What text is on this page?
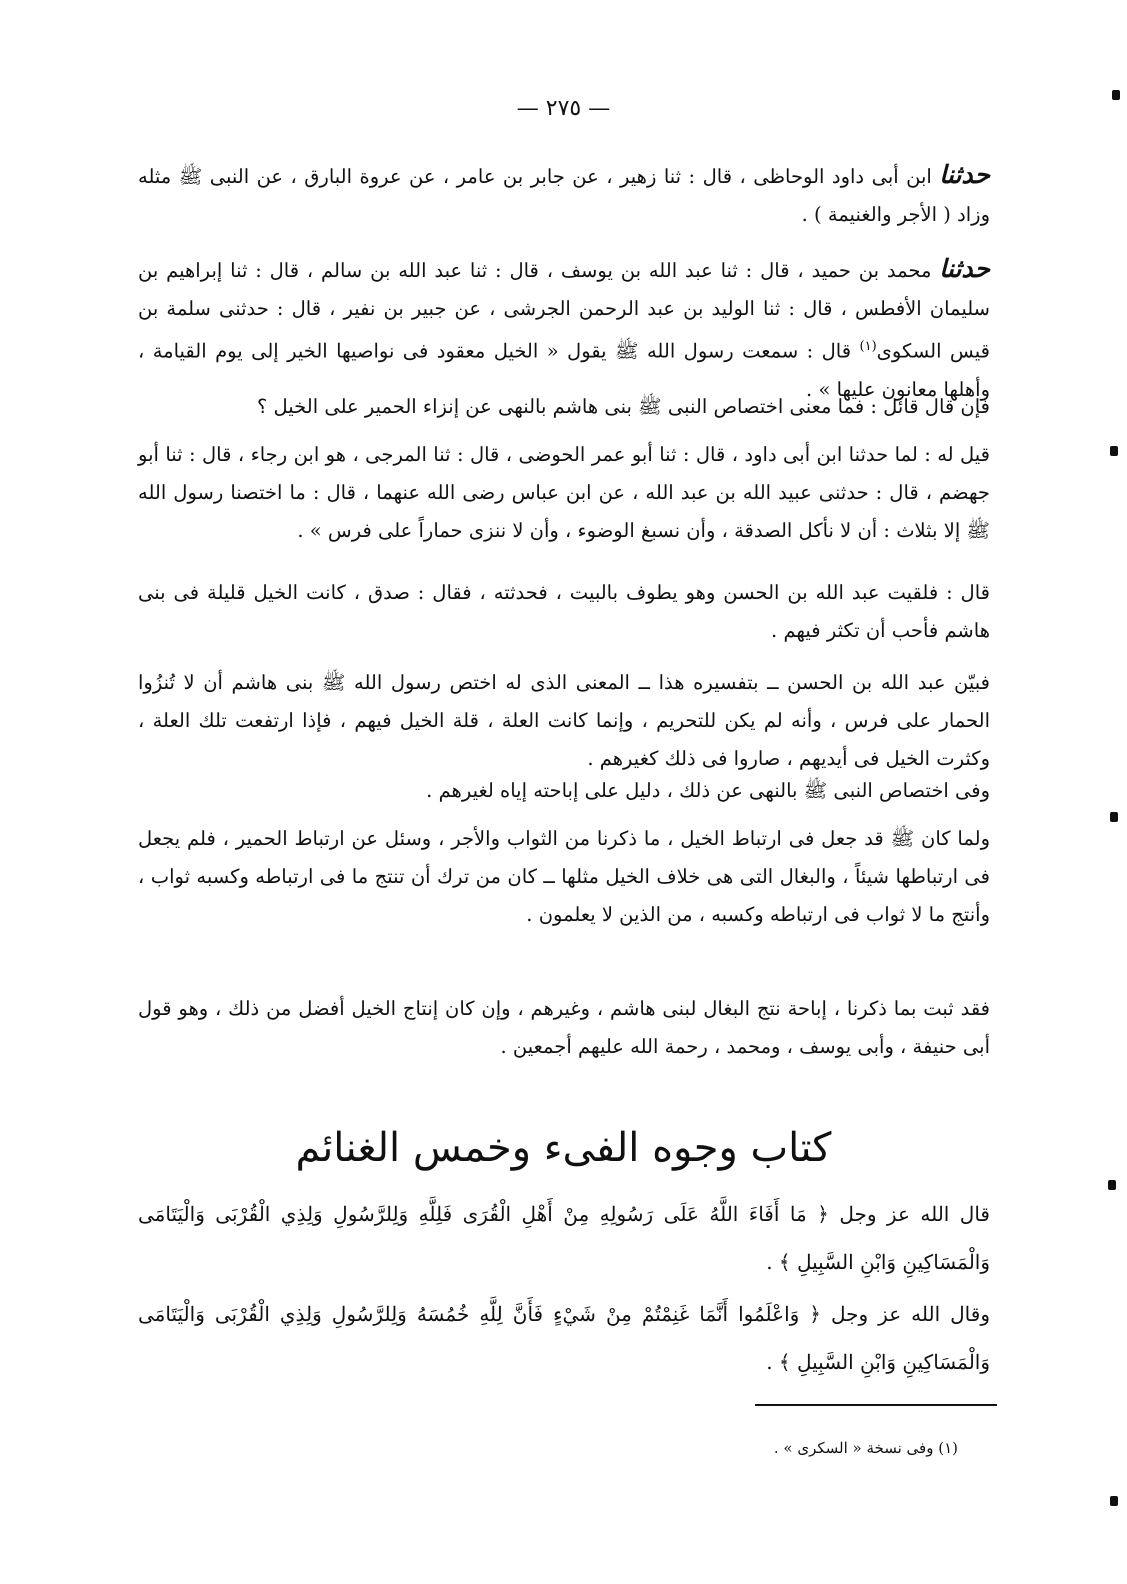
— ٢٧٥ —

حدثنا ابن أبى داود الوحاظى ، قال : ثنا زهير ، عن جابر بن عامر ، عن عروة البارق ، عن النبى ﷺ مثله وزاد ( الأجر والغنيمة ) .

حدثنا محمد بن حميد ، قال : ثنا عبد الله بن يوسف ، قال : ثنا عبد الله بن سالم ، قال : ثنا إبراهيم بن سليمان الأفطس ، قال : ثنا الوليد بن عبد الرحمن الجرشى ، عن جبير بن نفير ، قال : حدثنى سلمة بن قيس السكوى$^{(١)}$ قال : سمعت رسول الله ﷺ يقول « الخيل معقود فى نواصيها الخير إلى يوم القيامة ، وأهلها معانون عليها » .

فإن قال قائل : فما معنى اختصاص النبى ﷺ بنى هاشم بالنهى عن إنزاء الحمير على الخيل ؟

قيل له : لما حدثنا ابن أبى داود ، قال : ثنا أبو عمر الحوضى ، قال : ثنا المرجى ، هو ابن رجاء ، قال : ثنا أبو جهضم ، قال : حدثنى عبيد الله بن عبد الله ، عن ابن عباس رضى الله عنهما ، قال : ما اختصنا رسول الله ﷺ إلا بثلاث : أن لا نأكل الصدقة ، وأن نسبغ الوضوء ، وأن لا ننزى حماراً على فرس » .

قال : فلقيت عبد الله بن الحسن وهو يطوف بالبيت ، فحدثته ، فقال : صدق ، كانت الخيل قليلة فى بنى هاشم فأحب أن تكثر فيهم .

فبيّن عبد الله بن الحسن ــ بتفسيره هذا ــ المعنى الذى له اختص رسول الله ﷺ بنى هاشم أن لا تُنزُوا الحمار على فرس ، وأنه لم يكن للتحريم ، وإنما كانت العلة ، قلة الخيل فيهم ، فإذا ارتفعت تلك العلة ، وكثرت الخيل فى أيديهم ، صاروا فى ذلك كغيرهم .

وفى اختصاص النبى ﷺ بالنهى عن ذلك ، دليل على إباحته إياه لغيرهم .

ولما كان ﷺ قد جعل فى ارتباط الخيل ، ما ذكرنا من الثواب والأجر ، وسئل عن ارتباط الحمير ، فلم يجعل فى ارتباطها شيئاً ، والبغال التى هى خلاف الخيل مثلها ــ كان من ترك أن تنتج ما فى ارتباطه وكسبه ثواب ، وأنتج ما لا ثواب فى ارتباطه وكسبه ، من الذين لا يعلمون .

فقد ثبت بما ذكرنا ، إباحة نتج البغال لبنى هاشم ، وغيرهم ، وإن كان إنتاج الخيل أفضل من ذلك ، وهو قول أبى حنيفة ، وأبى يوسف ، ومحمد ، رحمة الله عليهم أجمعين .

كتاب وجوه الفىء وخمس الغنائم
قال الله عز وجل ﴿ مَا أَفَاءَ اللَّهُ عَلَى رَسُولِهِ مِنْ أَهْلِ الْقُرَى فَلِلَّهِ وَلِلرَّسُولِ وَلِذِي الْقُرْبَى وَالْيَتَامَى وَالْمَسَاكِينِ وَابْنِ السَّبِيلِ ﴾ .
وقال الله عز وجل ﴿ وَاعْلَمُوا أَنَّمَا غَنِمْتُمْ مِنْ شَيْءٍ فَأَنَّ لِلَّهِ خُمُسَهُ وَلِلرَّسُولِ وَلِذِي الْقُرْبَى وَالْيَتَامَى وَالْمَسَاكِينِ وَابْنِ السَّبِيلِ ﴾ .
(١) وفى نسخة « السكرى » .
